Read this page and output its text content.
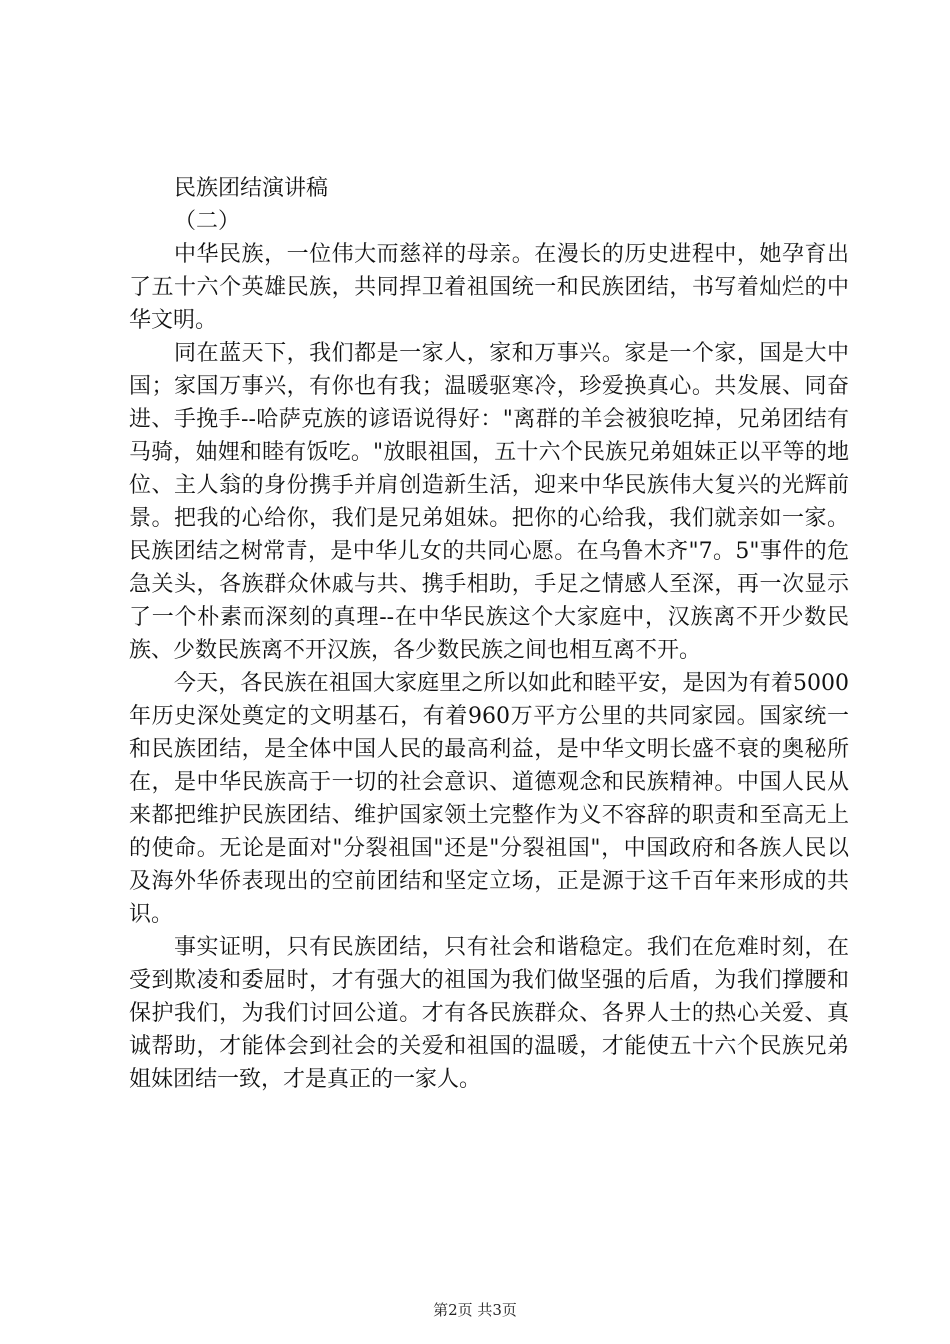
民族团结演讲稿
（二）

中华民族，一位伟大而慈祥的母亲。在漫长的历史进程中，她孕育出了五十六个英雄民族，共同捍卫着祖国统一和民族团结，书写着灿烂的中华文明。

同在蓝天下，我们都是一家人，家和万事兴。家是一个家，国是大中国；家国万事兴，有你也有我；温暖驱寒冷，珍爱换真心。共发展、同奋进、手挽手--哈萨克族的谚语说得好："离群的羊会被狼吃掉，兄弟团结有马骑，妯娌和睦有饭吃。"放眼祖国，五十六个民族兄弟姐妹正以平等的地位、主人翁的身份携手并肩创造新生活，迎来中华民族伟大复兴的光辉前景。把我的心给你，我们是兄弟姐妹。把你的心给我，我们就亲如一家。民族团结之树常青，是中华儿女的共同心愿。在乌鲁木齐"7。5"事件的危急关头，各族群众休戚与共、携手相助，手足之情感人至深，再一次显示了一个朴素而深刻的真理--在中华民族这个大家庭中，汉族离不开少数民族、少数民族离不开汉族，各少数民族之间也相互离不开。

今天，各民族在祖国大家庭里之所以如此和睦平安，是因为有着5000年历史深处奠定的文明基石，有着960万平方公里的共同家园。国家统一和民族团结，是全体中国人民的最高利益，是中华文明长盛不衰的奥秘所在，是中华民族高于一切的社会意识、道德观念和民族精神。中国人民从来都把维护民族团结、维护国家领土完整作为义不容辞的职责和至高无上的使命。无论是面对"分裂祖国"还是"分裂祖国"，中国政府和各族人民以及海外华侨表现出的空前团结和坚定立场，正是源于这千百年来形成的共识。

事实证明，只有民族团结，只有社会和谐稳定。我们在危难时刻，在受到欺凌和委屈时，才有强大的祖国为我们做坚强的后盾，为我们撑腰和保护我们，为我们讨回公道。才有各民族群众、各界人士的热心关爱、真诚帮助，才能体会到社会的关爱和祖国的温暖，才能使五十六个民族兄弟姐妹团结一致，才是真正的一家人。

第2页 共3页
